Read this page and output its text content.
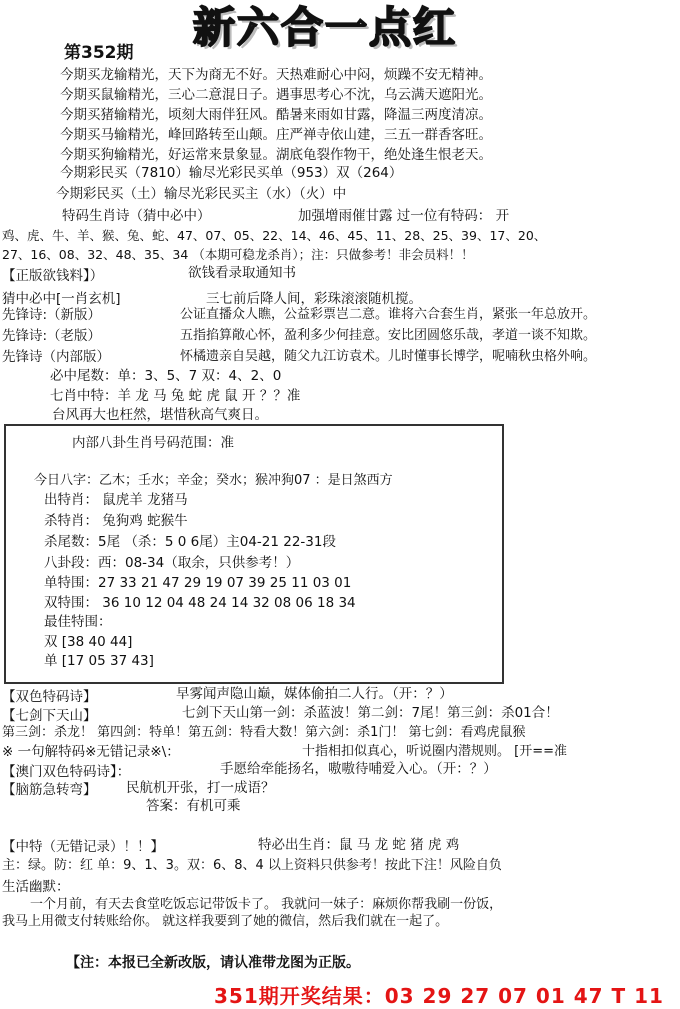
新六合一点红
第352期
今期买龙输精光，天下为商无不好。天热难耐心中闷，烦躁不安无精神。
今期买鼠输精光，三心二意混日子。遇事思考心不沈，乌云满天遮阳光。
今期买猪输精光，顷刻大雨伴狂风。酷暑来雨如甘露，降温三两度清凉。
今期买马输精光，峰回路转至山颠。庄严禅寺依山建，三五一群香客旺。
今期买狗输精光，好运常来景象显。湖底龟裂作物干，绝处逢生恨老天。
今期彩民买（7810）输尽光彩民买单（953）双（264）
今期彩民买（土）输尽光彩民买主（水）（火）中
特码生肖诗（猜中必中）	加强增雨催甘露 过一位有特码： 开
鸡、虎、牛、羊、猴、兔、蛇、47、07、05、22、14、46、45、11、28、25、39、17、20、
27、16、08、32、48、35、34 （本期可稳龙杀肖）；注：只做参考！非会员料！！
【正版欲钱料】）	欲钱看录取通知书
猜中必中[一肖玄机]	三七前后降人间，彩珠滚滚随机搅。
先锋诗:（新版）	公证直播众人瞧，公益彩票岂二意。谁将六合套生肖，紧张一年总放开。
先锋诗:（老版）	五指掐算敞心怀，盈利多少何挂意。安比团圆悠乐哉，孝道一谈不知欺。
先锋诗（内部版）	怀橘遗亲自吴越，随父九江访袁术。儿时懂事长博学，呢喃秋虫格外响。
必中尾数：单：3、5、7 双：4、2、0
七肖中特：羊 龙 马 兔 蛇 虎 鼠 开 ？？准
台风再大也枉然，堪惜秋高气爽日。
内部八卦生肖号码范围：准
今日八字：乙木；壬水；辛金；癸水；猴冲狗07 ：是日煞西方
出特肖： 鼠虎羊 龙猪马
杀特肖： 兔狗鸡 蛇猴牛
杀尾数：5尾 （杀：5 0 6尾）主04-21 22-31段
八卦段：西：08-34（取余，只供参考！）
单特围：27 33 21 47 29 19 07 39 25 11 03 01
双特围： 36 10 12 04 48 24 14 32 08 06 18 34
最佳特围：
双 [38 40 44]
单 [17 05 37 43]
【双色特码诗】	早雾闻声隐山巅，媒体偷拍二人行。（开：？）
【七剑下天山】	七剑下天山第一剑：杀蓝波！第二剑：7尾！第三剑：杀01合！
第三剑：杀龙！ 第四剑：特单！第五剑：特看大数！第六剑：杀1门！ 第七剑：看鸡虎鼠猴
※ 一句解特码※无错记录※\：	十指相扣似真心，听说圈内潜规则。 [开==准
【澳门双色特码诗】：	手愿给牵能扬名，嗷嗷待哺爱入心。（开：？）
【脑筋急转弯】 民航机开张，打一成语？
答案：有机可乘
【中特（无错记录）！！】	特必出生肖：鼠 马 龙 蛇 猪 虎 鸡
主：绿。防：红 单：9、1、3。双：6、8、4 以上资料只供参考！按此下注！风险自负
生活幽默：
一个月前，有天去食堂吃饭忘记带饭卡了。 我就问一妹子：麻烦你帮我刷一份饭，
我马上用微支付转账给你。 就这样我要到了她的微信，然后我们就在一起了。
【注：本报已全新改版，请认准带龙图为正版。
351期开奖结果：03 29 27 07 01 47 T 11
